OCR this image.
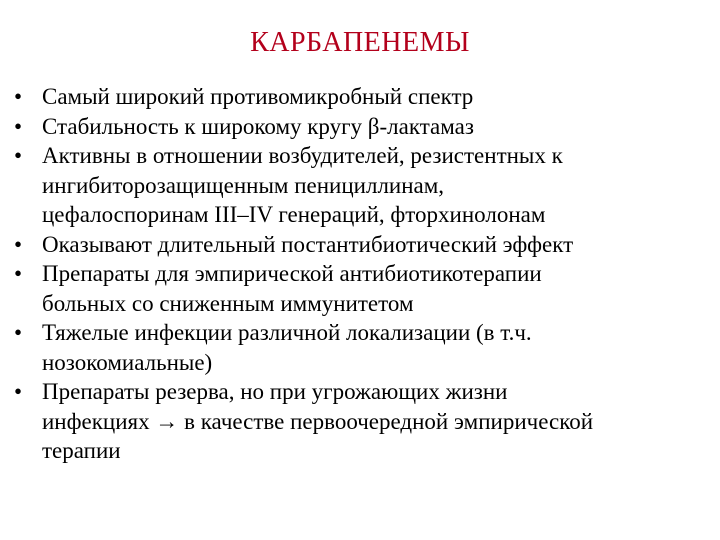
КАРБАПЕНЕМЫ
• Самый широкий противомикробный спектр
• Стабильность к широкому кругу β-лактамаз
• Активны в отношении возбудителей, резистентных к
ингибиторозащищенным пенициллинам,
цефалоспоринам III–IV генераций, фторхинолонам
• Оказывают длительный постантибиотический эффект
• Препараты для эмпирической антибиотикотерапии
больных со сниженным иммунитетом
• Тяжелые инфекции различной локализации (в т.ч.
нозокомиальные)
• Препараты резерва, но при угрожающих жизни
инфекциях → в качестве первоочередной эмпирической
терапии
